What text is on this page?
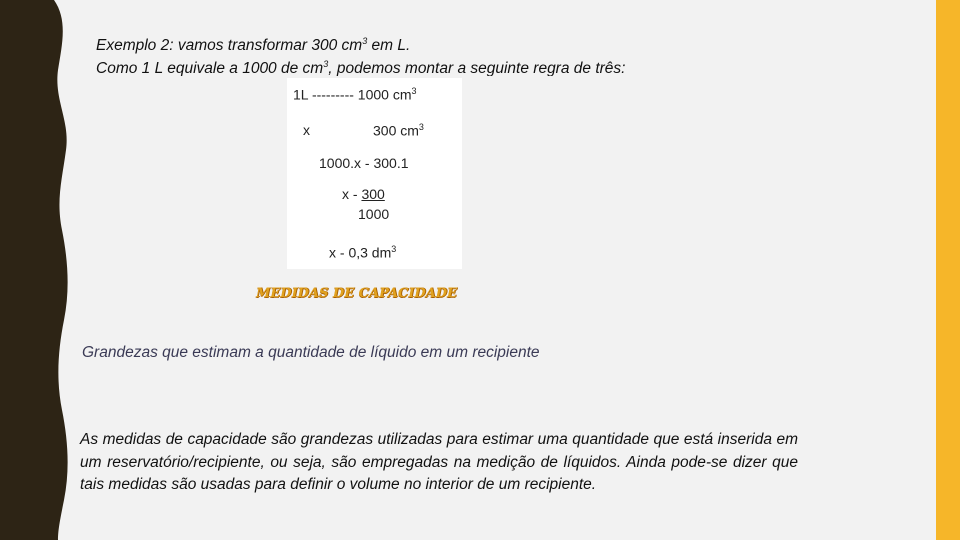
Exemplo 2: vamos transformar 300 $cm^3$ em L.
Como 1 L equivale a 1000 de $cm^3$, podemos montar a seguinte regra de três:
1L --------- 1000 $cm^3$
x	300 $cm^3$
1000.x - 300.1
x - 300
1000
x - 0,3 $dm^3$
MEDIDAS DE CAPACIDADE
Grandezas que estimam a quantidade de líquido em um recipiente

As medidas de capacidade são grandezas utilizadas para estimar uma quantidade que está inserida em um reservatório/recipiente, ou seja, são empregadas na medição de líquidos. Ainda pode-se dizer que tais medidas são usadas para definir o volume no interior de um recipiente.
